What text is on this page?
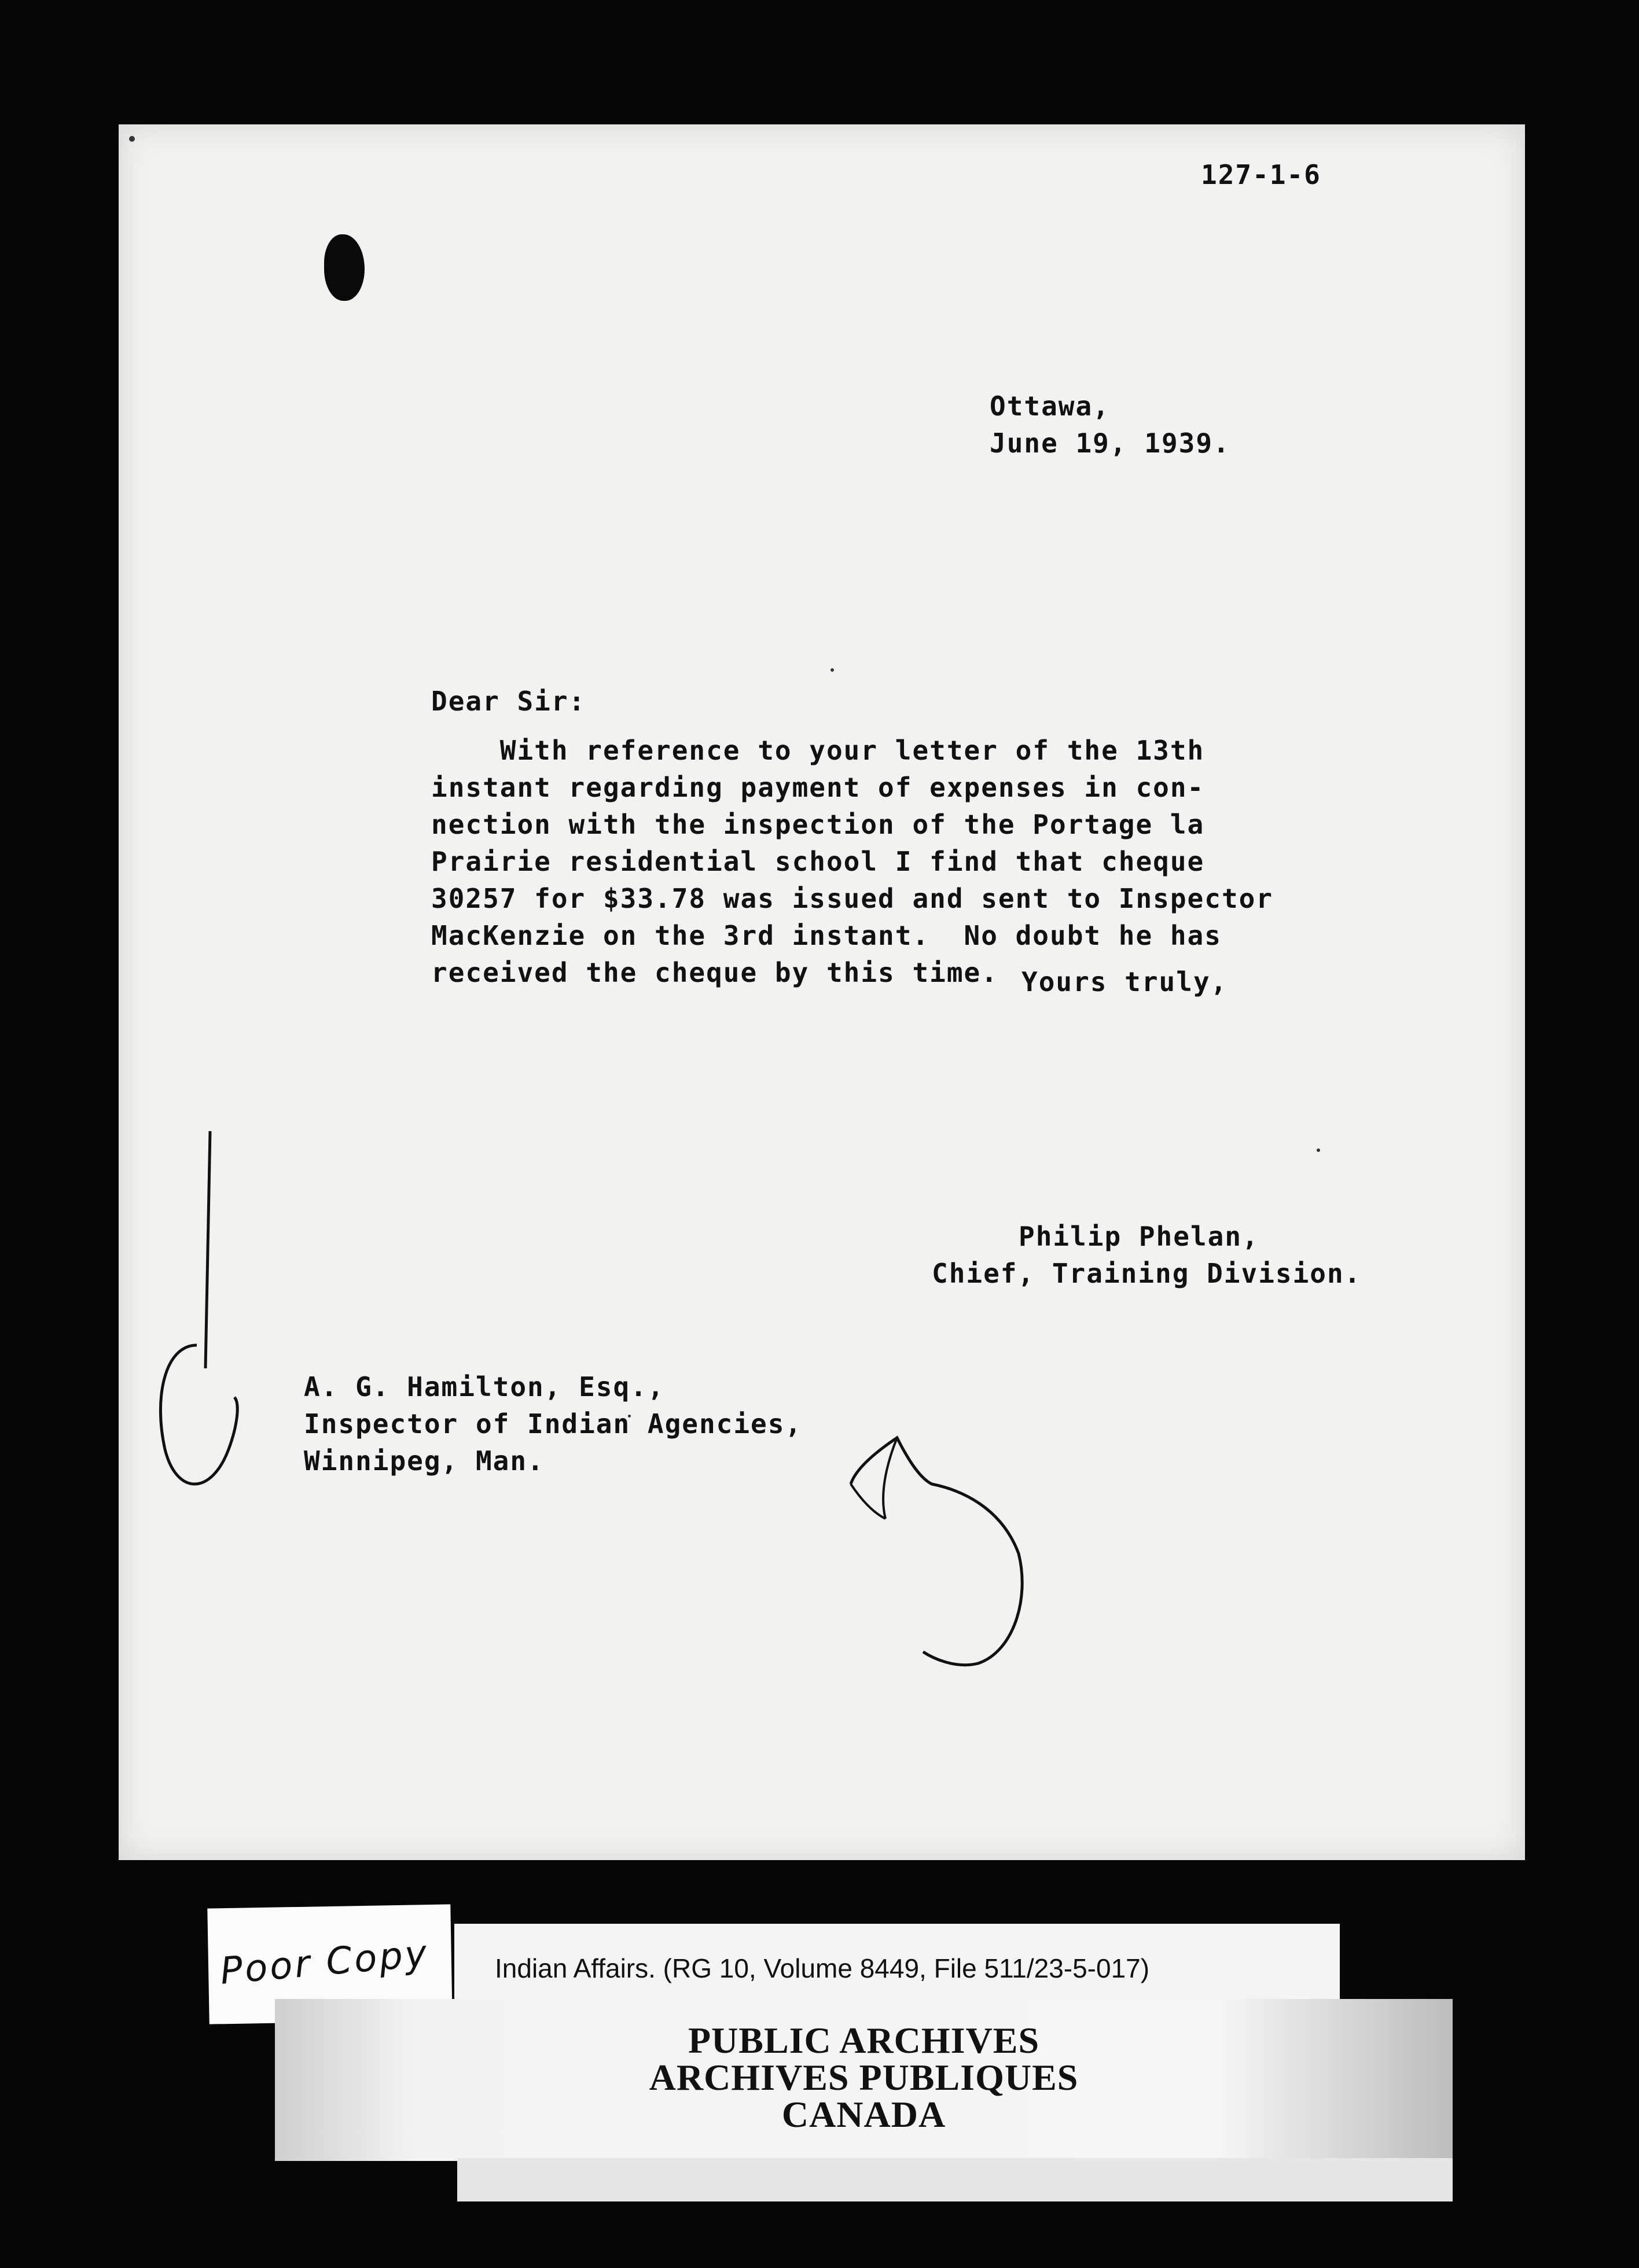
127-1-6
Ottawa,
June 19, 1939.
Dear Sir:
With reference to your letter of the 13th
instant regarding payment of expenses in con-
nection with the inspection of the Portage la
Prairie residential school I find that cheque
30257 for $33.78 was issued and sent to Inspector
MacKenzie on the 3rd instant.  No doubt he has
received the cheque by this time. Yours truly,
Philip Phelan,
Chief, Training Division.
A. G. Hamilton, Esq.,
Inspector of Indian Agencies,
Winnipeg, Man.
Poor Copy Indian Affairs. (RG 10, Volume 8449, File 511/23-5-017)
PUBLIC ARCHIVES
ARCHIVES PUBLIQUES
CANADA
